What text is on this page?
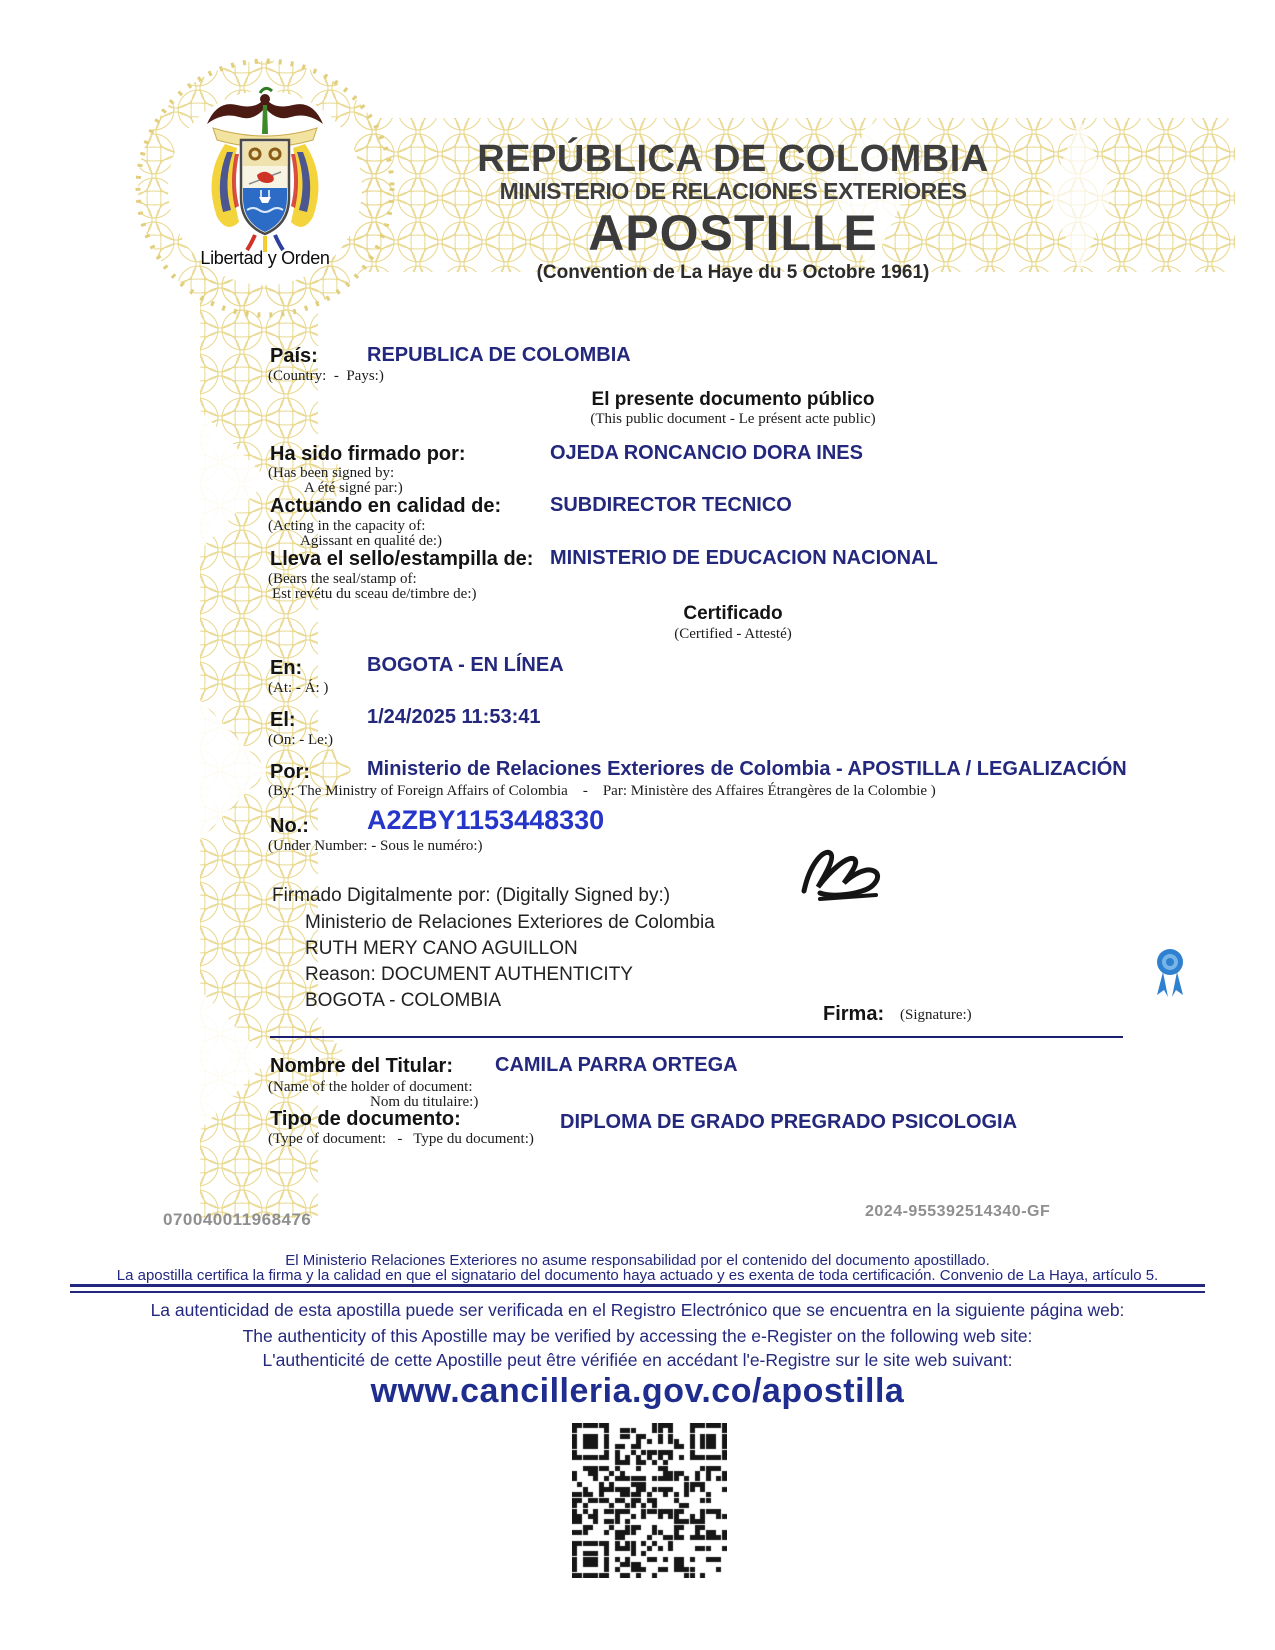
Libertad y Orden
REPÚBLICA DE COLOMBIA
MINISTERIO DE RELACIONES EXTERIORES
APOSTILLE
(Convention de La Haye du 5 Octobre 1961)
País:
(Country:  -  Pays:)
REPUBLICA DE COLOMBIA
El presente documento público
(This public document - Le présent acte public)
Ha sido firmado por:
(Has been signed by:
A été signé par:)
OJEDA RONCANCIO DORA INES
Actuando en calidad de:
(Acting in the capacity of:
Agissant en qualité de:)
SUBDIRECTOR TECNICO
Lleva el sello/estampilla de:
(Bears the seal/stamp of:
Est revétu du sceau de/timbre de:)
MINISTERIO DE EDUCACION NACIONAL
Certificado
(Certified - Attesté)
En:
(At: - Á: )
BOGOTA - EN LÍNEA
El:
(On: - Le:)
1/24/2025 11:53:41
Por:
(By: The Ministry of Foreign Affairs of Colombia    -    Par: Ministère des Affaires Étrangères de la Colombie )
Ministerio de Relaciones Exteriores de Colombia - APOSTILLA / LEGALIZACIÓN
No.:
(Under Number: - Sous le numéro:)
A2ZBY1153448330
Firmado Digitalmente por: (Digitally Signed by:)
Ministerio de Relaciones Exteriores de Colombia
RUTH MERY CANO AGUILLON
Reason: DOCUMENT AUTHENTICITY
BOGOTA - COLOMBIA
Firma: (Signature:)
Nombre del Titular:
(Name of the holder of document:
Nom du titulaire:)
CAMILA PARRA ORTEGA
Tipo de documento:
(Type of document:   -   Type du document:)
DIPLOMA DE GRADO PREGRADO PSICOLOGIA
070040011968476	2024-955392514340-GF
El Ministerio Relaciones Exteriores no asume responsabilidad por el contenido del documento apostillado.
La apostilla certifica la firma y la calidad en que el signatario del documento haya actuado y es exenta de toda certificación. Convenio de La Haya, artículo 5.
La autenticidad de esta apostilla puede ser verificada en el Registro Electrónico que se encuentra en la siguiente página web:
The authenticity of this Apostille may be verified by accessing the e-Register on the following web site:
L'authenticité de cette Apostille peut être vérifiée en accédant l'e-Registre sur le site web suivant:
www.cancilleria.gov.co/apostilla
